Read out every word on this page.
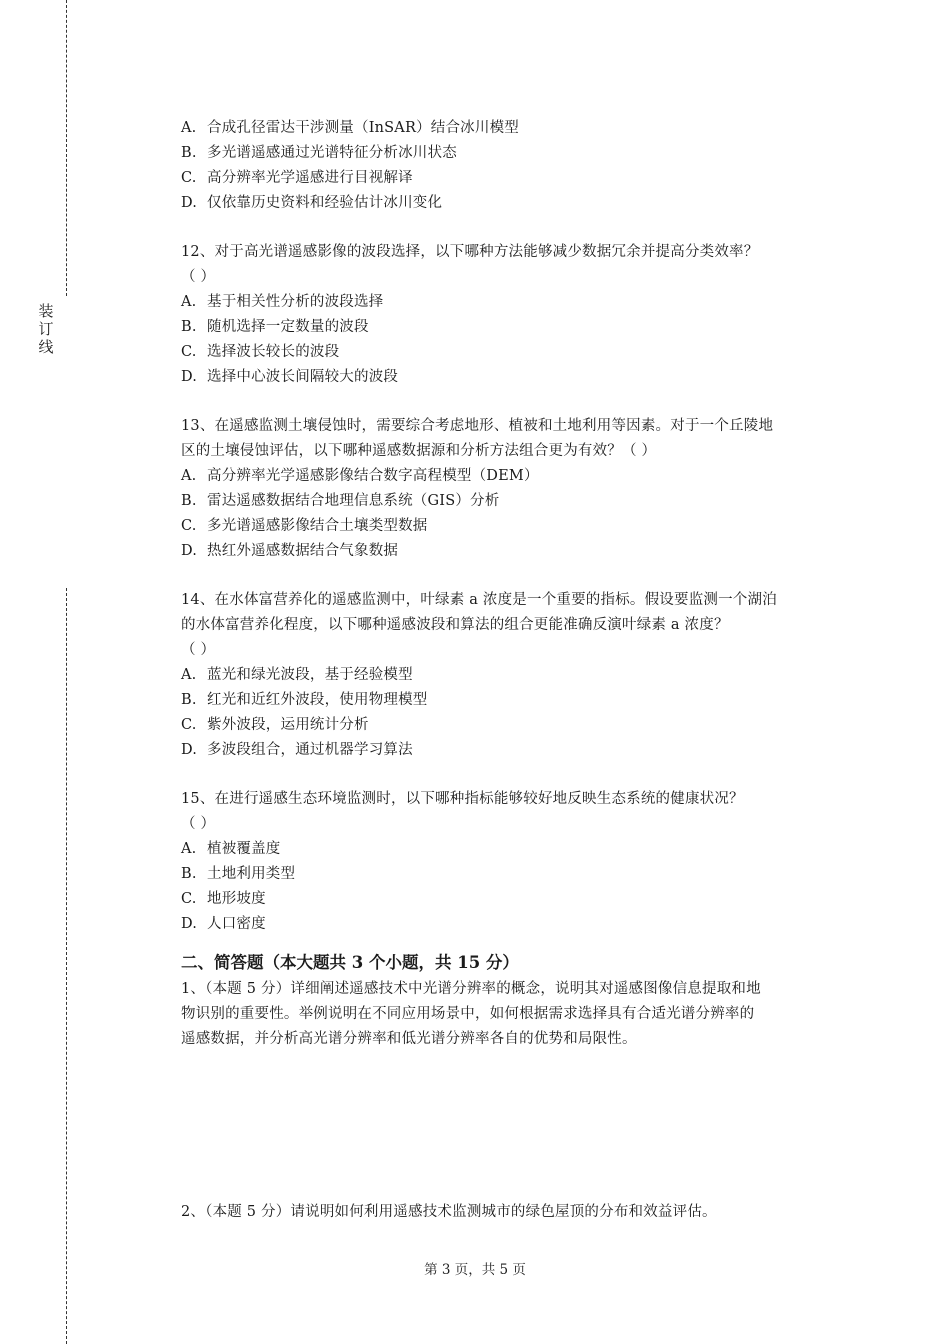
装
订
线
A. 合成孔径雷达干涉测量（InSAR）结合冰川模型
B. 多光谱遥感通过光谱特征分析冰川状态
C. 高分辨率光学遥感进行目视解译
D. 仅依靠历史资料和经验估计冰川变化
12、对于高光谱遥感影像的波段选择，以下哪种方法能够减少数据冗余并提高分类效率？
（ ）
A. 基于相关性分析的波段选择
B. 随机选择一定数量的波段
C. 选择波长较长的波段
D. 选择中心波长间隔较大的波段
13、在遥感监测土壤侵蚀时，需要综合考虑地形、植被和土地利用等因素。对于一个丘陵地
区的土壤侵蚀评估，以下哪种遥感数据源和分析方法组合更为有效？（ ）
A. 高分辨率光学遥感影像结合数字高程模型（DEM）
B. 雷达遥感数据结合地理信息系统（GIS）分析
C. 多光谱遥感影像结合土壤类型数据
D. 热红外遥感数据结合气象数据
14、在水体富营养化的遥感监测中，叶绿素 a 浓度是一个重要的指标。假设要监测一个湖泊
的水体富营养化程度，以下哪种遥感波段和算法的组合更能准确反演叶绿素 a 浓度？
（ ）
A. 蓝光和绿光波段，基于经验模型
B. 红光和近红外波段，使用物理模型
C. 紫外波段，运用统计分析
D. 多波段组合，通过机器学习算法
15、在进行遥感生态环境监测时，以下哪种指标能够较好地反映生态系统的健康状况？
（ ）
A. 植被覆盖度
B. 土地利用类型
C. 地形坡度
D. 人口密度
二、简答题（本大题共 3 个小题，共 15 分）
1、（本题 5 分）详细阐述遥感技术中光谱分辨率的概念，说明其对遥感图像信息提取和地
物识别的重要性。举例说明在不同应用场景中，如何根据需求选择具有合适光谱分辨率的
遥感数据，并分析高光谱分辨率和低光谱分辨率各自的优势和局限性。
2、（本题 5 分）请说明如何利用遥感技术监测城市的绿色屋顶的分布和效益评估。
第 3 页，共 5 页
